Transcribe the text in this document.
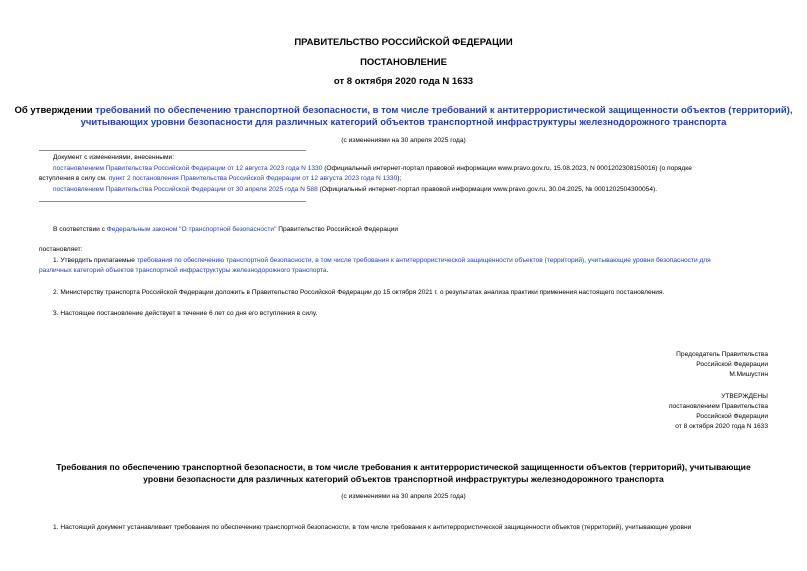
ПРАВИТЕЛЬСТВО РОССИЙСКОЙ ФЕДЕРАЦИИ
ПОСТАНОВЛЕНИЕ
от 8 октября 2020 года N 1633
Об утверждении требований по обеспечению транспортной безопасности, в том числе требований к антитеррористической защищенности объектов (территорий),
учитывающих уровни безопасности для различных категорий объектов транспортной инфраструктуры железнодорожного транспорта
(с изменениями на 30 апреля 2025 года)
Документ с изменениями, внесенными:
постановлением Правительства Российской Федерации от 12 августа 2023 года N 1330 (Официальный интернет-портал правовой информации www.pravo.gov.ru, 15.08.2023, N 0001202308150016) (о порядке
вступления в силу см. пункт 2 постановления Правительства Российской Федерации от 12 августа 2023 года N 1330);
постановлением Правительства Российской Федерации от 30 апреля 2025 года N 588 (Официальный интернет-портал правовой информации www.pravo.gov.ru, 30.04.2025, № 0001202504300054).
В соответствии с Федеральным законом "О транспортной безопасности" Правительство Российской Федерации
постановляет:
1. Утвердить прилагаемые требования по обеспечению транспортной безопасности, в том числе требования к антитеррористической защищенности объектов (территорий), учитывающие уровни безопасности для
различных категорий объектов транспортной инфраструктуры железнодорожного транспорта.
2. Министерству транспорта Российской Федерации доложить в Правительство Российской Федерации до 15 октября 2021 г. о результатах анализа практики применения настоящего постановления.
3. Настоящее постановление действует в течение 6 лет со дня его вступления в силу.
Председатель Правительства
Российской Федерации
М.Мишустин
УТВЕРЖДЕНЫ
постановлением Правительства
Российской Федерации
от 8 октября 2020 года N 1633
Требования по обеспечению транспортной безопасности, в том числе требования к антитеррористической защищенности объектов (территорий), учитывающие
уровни безопасности для различных категорий объектов транспортной инфраструктуры железнодорожного транспорта
(с изменениями на 30 апреля 2025 года)
1. Настоящий документ устанавливает требования по обеспечению транспортной безопасности, в том числе требования к антитеррористической защищенности объектов (территорий), учитывающие уровни
